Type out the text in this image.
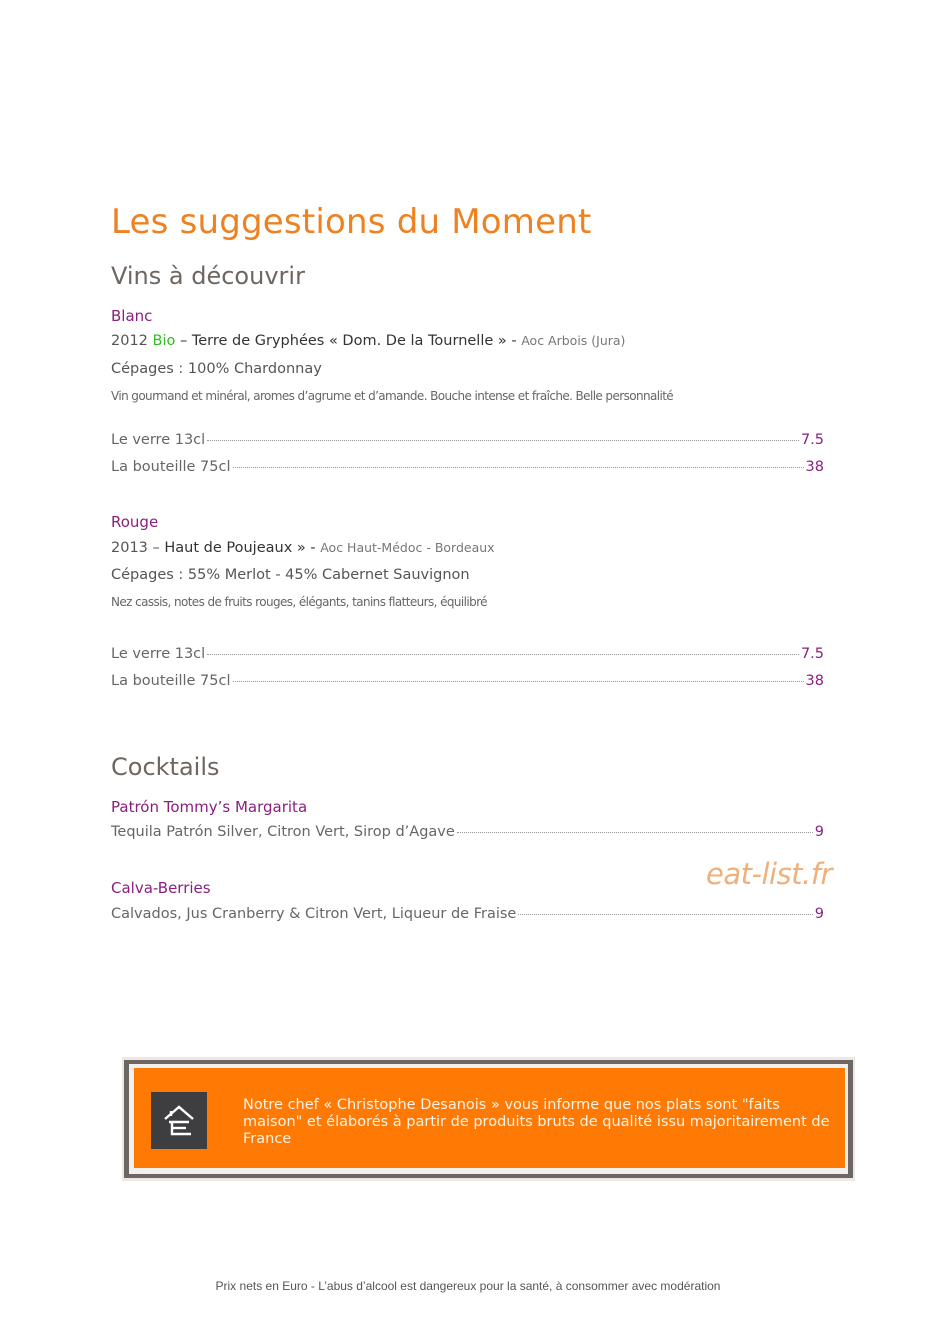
Les suggestions du Moment
Vins à découvrir
Blanc
2012 Bio – Terre de Gryphées « Dom. De la Tournelle » - Aoc Arbois (Jura)
Cépages : 100% Chardonnay
Vin gourmand et minéral, aromes d’agrume et d’amande. Bouche intense et fraîche. Belle personnalité
Le verre 13cl	7.5
La bouteille 75cl	38
Rouge
2013 – Haut de Poujeaux » - Aoc Haut-Médoc - Bordeaux
Cépages : 55% Merlot - 45% Cabernet Sauvignon
Nez cassis, notes de fruits rouges, élégants, tanins flatteurs, équilibré
Le verre 13cl	7.5
La bouteille 75cl	38
Cocktails
Patrón Tommy’s Margarita
Tequila Patrón Silver, Citron Vert, Sirop d’Agave	9
Calva-Berries
Calvados, Jus Cranberry & Citron Vert, Liqueur de Fraise	9
eat-list.fr
Notre chef « Christophe Desanois » vous informe que nos plats sont "faits maison" et élaborés à partir de produits bruts de qualité issu majoritairement de France
Prix nets en Euro - L’abus d’alcool est dangereux pour la santé, à consommer avec modération
